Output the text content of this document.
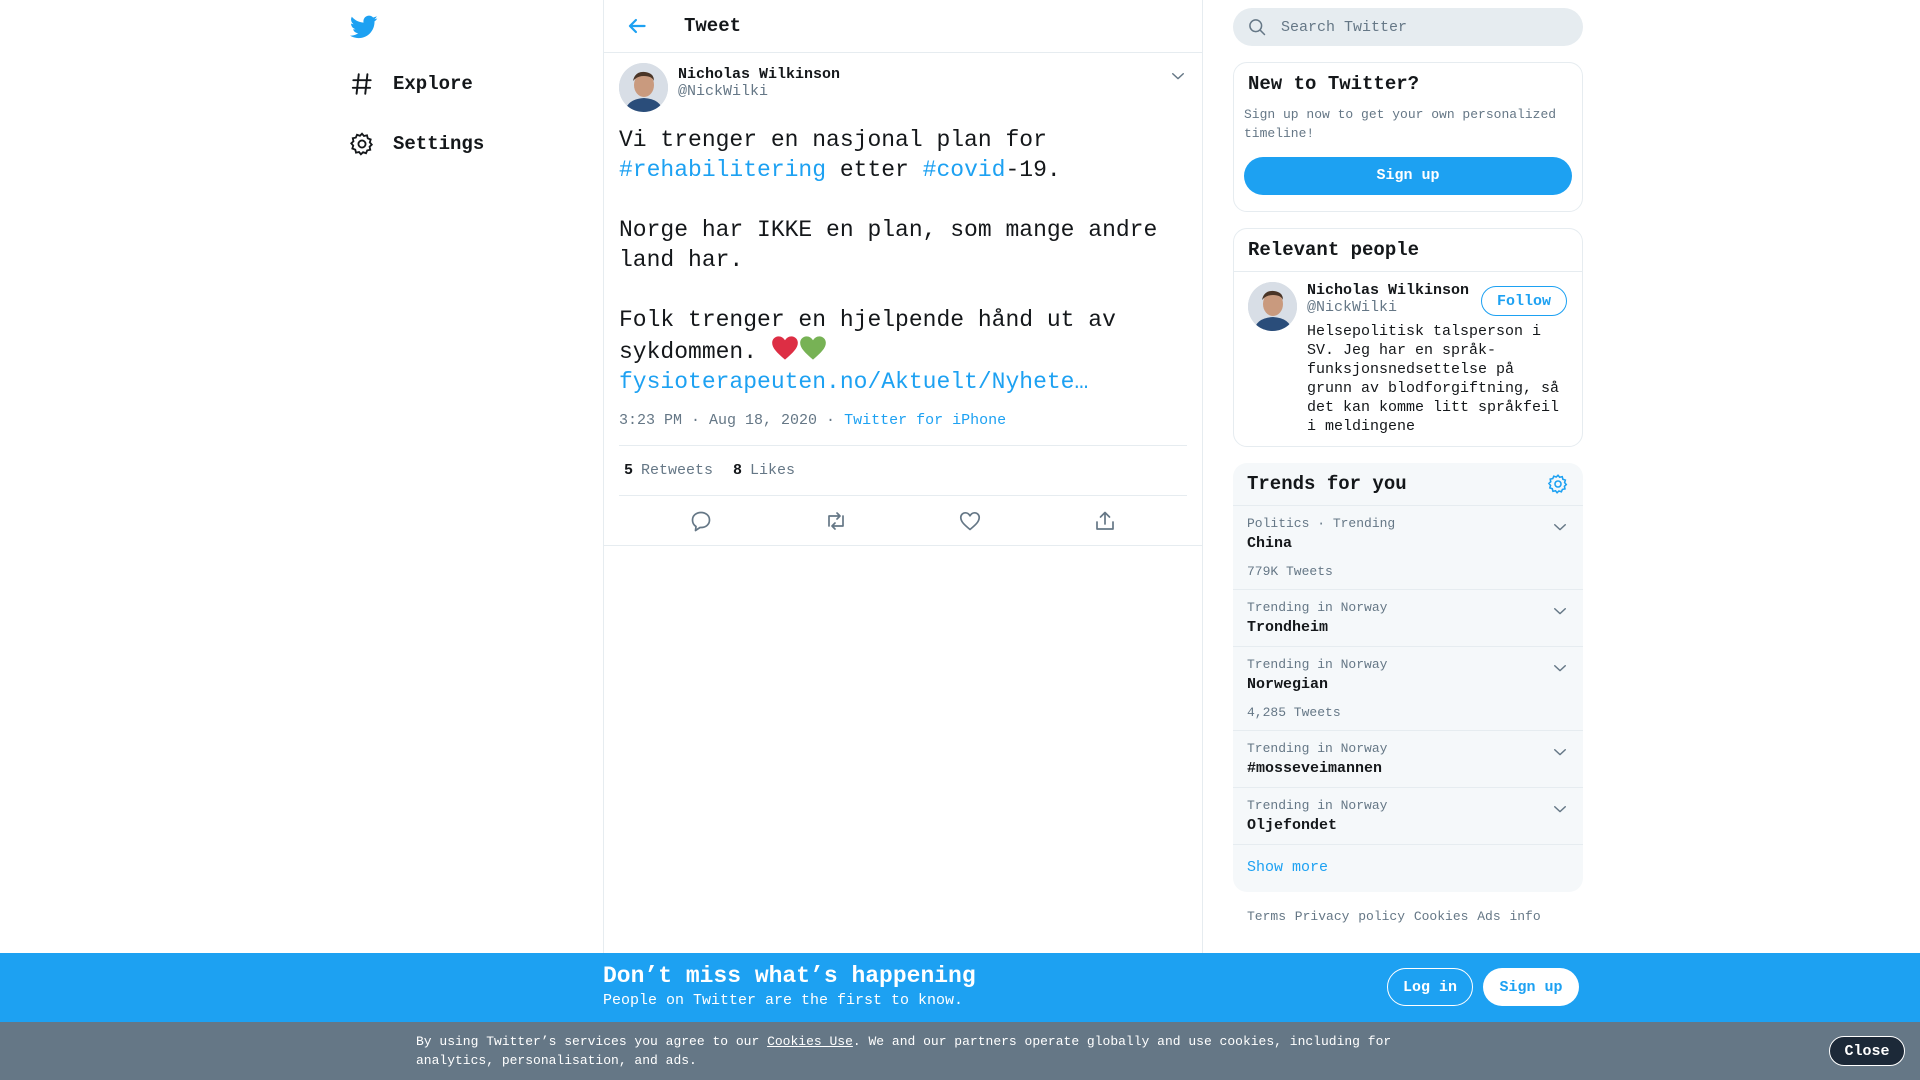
Explore
Settings
Tweet
Nicholas Wilkinson
@NickWilki
Vi trenger en nasjonal plan for
#rehabilitering etter #covid-19.

Norge har IKKE en plan, som mange andre land har.

Folk trenger en hjelpende hånd ut av sykdommen.
fysioterapeuten.no/Aktuelt/Nyhete…
3:23 PM · Aug 18, 2020 · Twitter for iPhone
5 Retweets 8 Likes
Search Twitter
New to Twitter?
Sign up now to get your own personalized timeline!
Sign up
Relevant people
Nicholas Wilkinson
@NickWilki
Helsepolitisk talsperson i SV. Jeg har en språk-funksjonsnedsettelse på grunn av blodforgiftning, så det kan komme litt språkfeil i meldingene
Follow
Trends for you
Politics · Trending
China
779K Tweets
Trending in Norway
Trondheim
Trending in Norway
Norwegian
4,285 Tweets
Trending in Norway
#mosseveimannen
Trending in Norway
Oljefondet
Show more
Terms Privacy policy Cookies Ads info
Don’t miss what’s happening
People on Twitter are the first to know.
Log in	Sign up
By using Twitter’s services you agree to our Cookies Use. We and our partners operate globally and use cookies, including for analytics, personalisation, and ads.
Close
